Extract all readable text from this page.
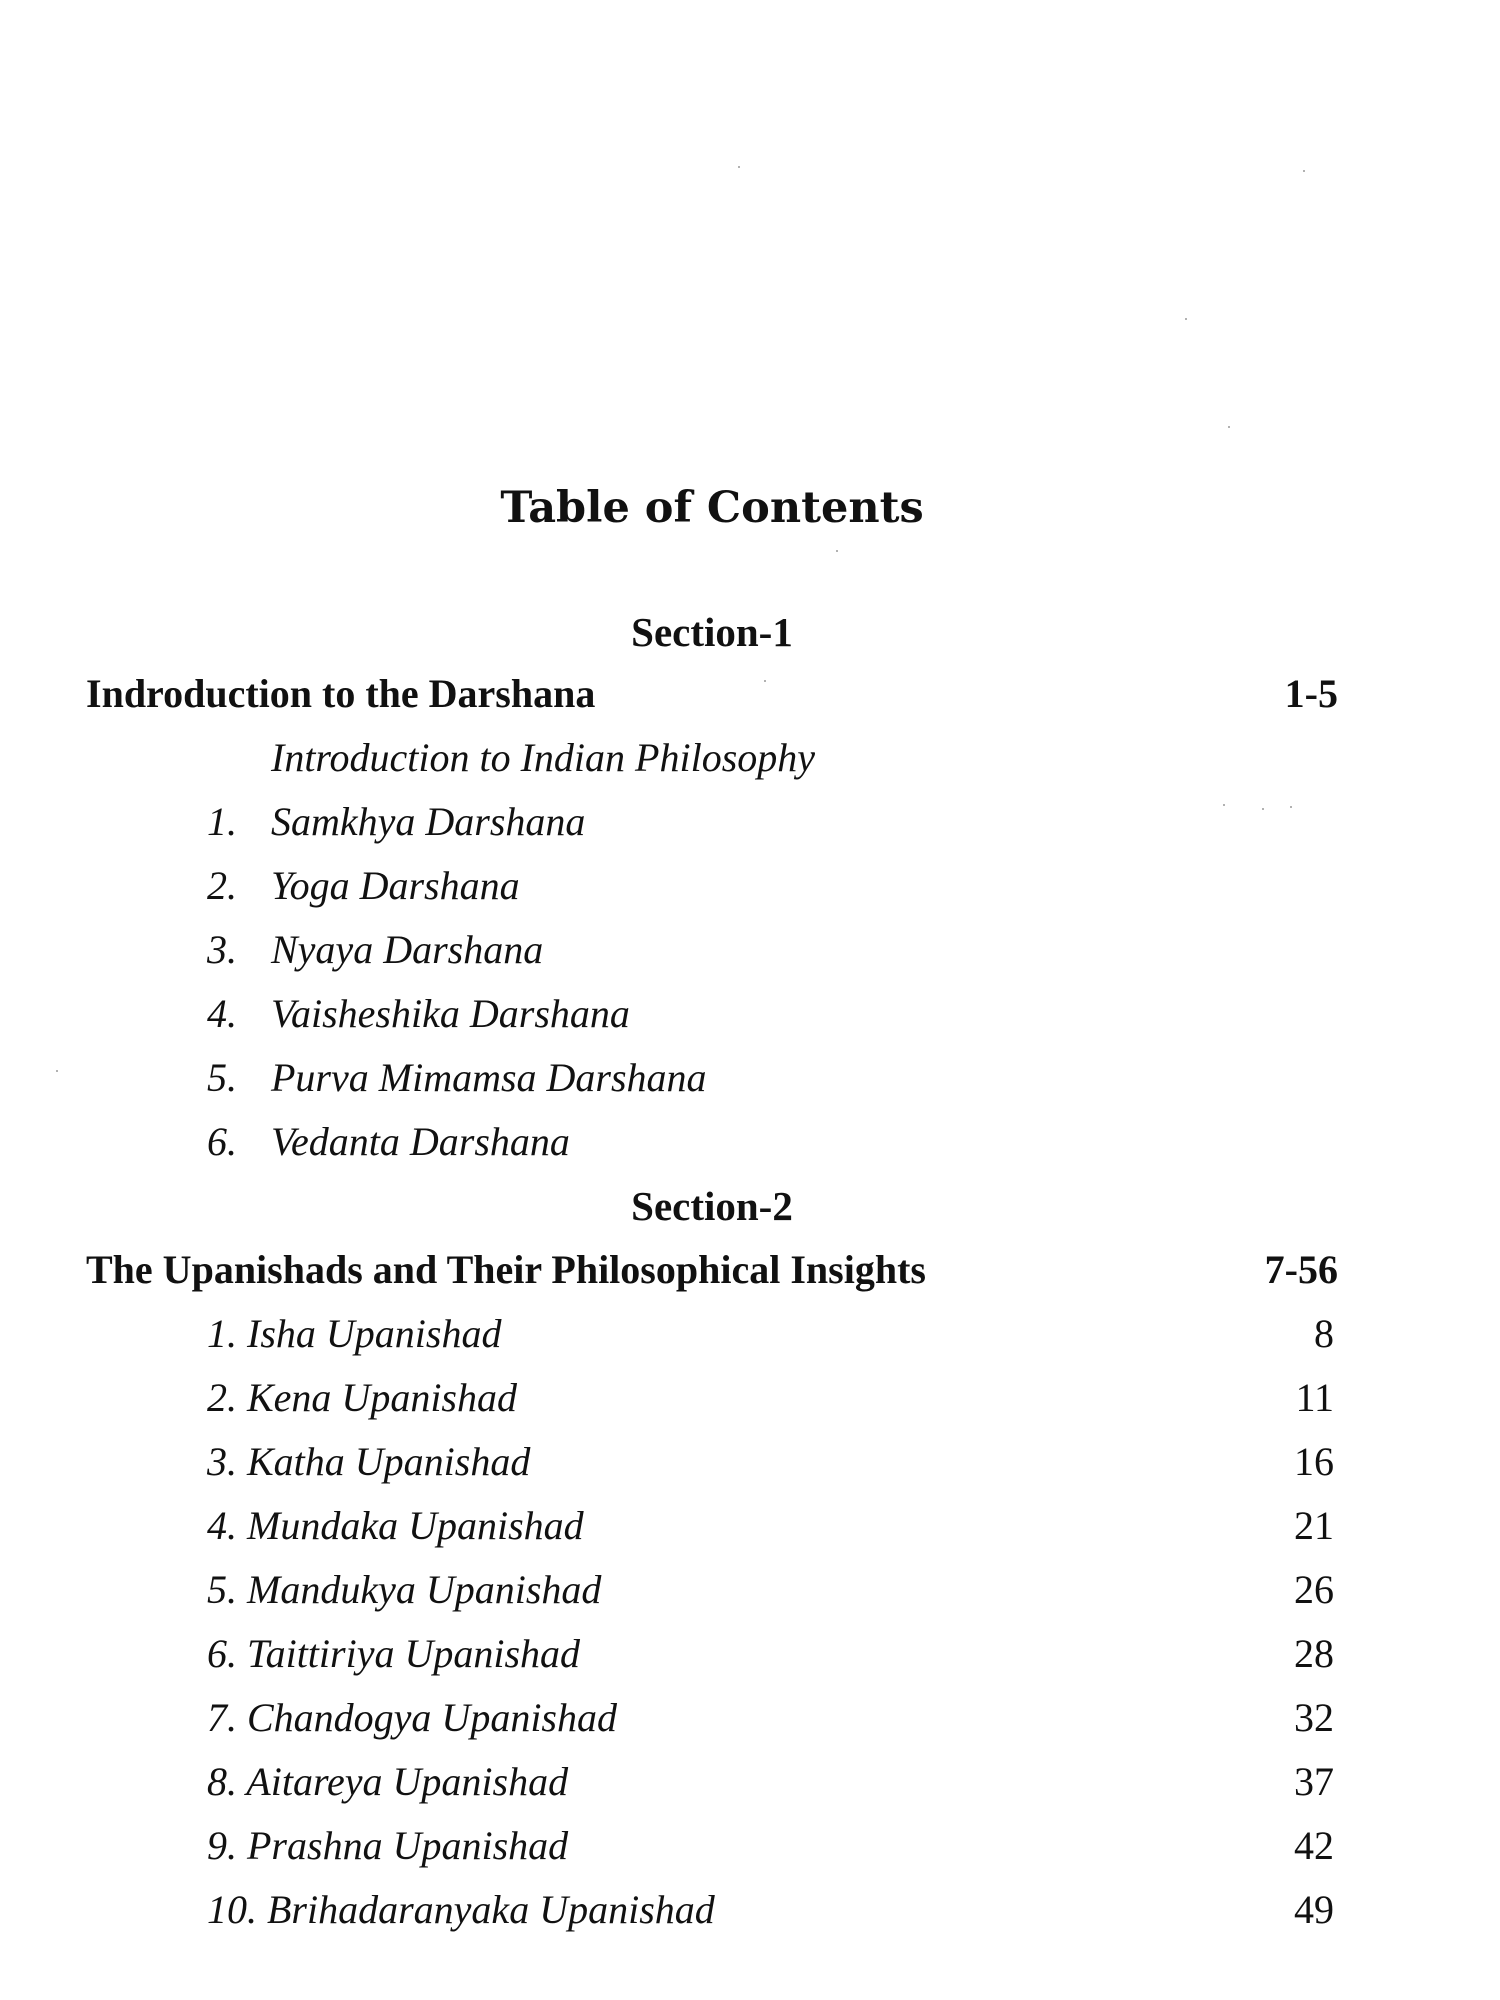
Table of Contents
Section-1
Indroduction to the Darshana	1-5
Introduction to Indian Philosophy
1. Samkhya Darshana
2. Yoga Darshana
3. Nyaya Darshana
4. Vaisheshika Darshana
5. Purva Mimamsa Darshana
6. Vedanta Darshana
Section-2
The Upanishads and Their Philosophical Insights	7-56
1. Isha Upanishad	8
2. Kena Upanishad	11
3. Katha Upanishad	16
4. Mundaka Upanishad	21
5. Mandukya Upanishad	26
6. Taittiriya Upanishad	28
7. Chandogya Upanishad	32
8. Aitareya Upanishad	37
9. Prashna Upanishad	42
10. Brihadaranyaka Upanishad	49
